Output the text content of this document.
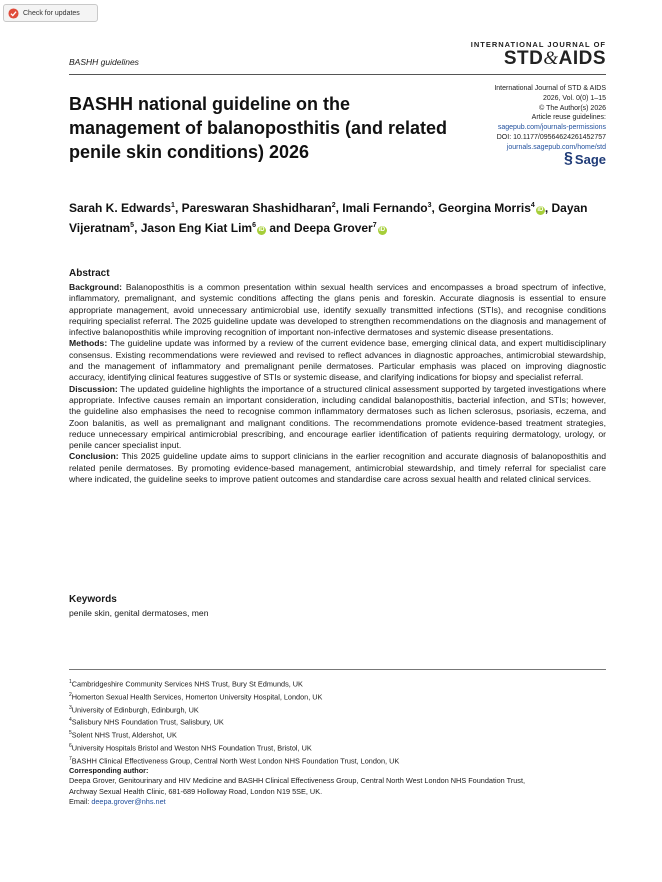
Check for updates
BASHH guidelines
INTERNATIONAL JOURNAL OF
STD&AIDS
BASHH national guideline on the management of balanoposthitis (and related penile skin conditions) 2026
International Journal of STD & AIDS
2026, Vol. 0(0) 1–15
© The Author(s) 2026
Article reuse guidelines:
sagepub.com/journals-permissions
DOI: 10.1177/09564624261452757
journals.sagepub.com/home/std
§ Sage

Sarah K. Edwards$^1$, Pareswaran Shashidharan$^2$, Imali Fernando$^3$, Georgina Morris$^4$iD , Dayan Vijeratnam$^5$, Jason Eng Kiat Lim$^6$iD and Deepa Grover$^7$iD

Abstract

Background: Balanoposthitis is a common presentation within sexual health services and encompasses a broad spectrum of infective, inflammatory, premalignant, and systemic conditions affecting the glans penis and foreskin. Accurate diagnosis is essential to ensure appropriate management, avoid unnecessary antimicrobial use, identify sexually transmitted infections (STIs), and recognise conditions requiring specialist referral. The 2025 guideline update was developed to strengthen recommendations on the diagnosis and management of infective balanoposthitis while improving recognition of important non-infective dermatoses and systemic disease presentations.

Methods: The guideline update was informed by a review of the current evidence base, emerging clinical data, and expert multidisciplinary consensus. Existing recommendations were reviewed and revised to reflect advances in diagnostic approaches, antimicrobial stewardship, and the management of inflammatory and premalignant penile dermatoses. Particular emphasis was placed on improving diagnostic accuracy, identifying clinical features suggestive of STIs or systemic disease, and clarifying indications for biopsy and specialist referral.

Discussion: The updated guideline highlights the importance of a structured clinical assessment supported by targeted investigations where appropriate. Infective causes remain an important consideration, including candidal balanoposthitis, bacterial infection, and STIs; however, the guideline also emphasises the need to recognise common inflammatory dermatoses such as lichen sclerosus, psoriasis, eczema, and Zoon balanitis, as well as premalignant and malignant conditions. The recommendations promote evidence-based treatment strategies, reduce unnecessary empirical antimicrobial prescribing, and encourage earlier identification of patients requiring dermatology, urology, or penile cancer specialist input.

Conclusion: This 2025 guideline update aims to support clinicians in the earlier recognition and accurate diagnosis of balanoposthitis and related penile dermatoses. By promoting evidence-based management, antimicrobial stewardship, and timely referral for specialist care where indicated, the guideline seeks to improve patient outcomes and standardise care across sexual health and related clinical services.

Keywords
penile skin, genital dermatoses, men
$^1$Cambridgeshire Community Services NHS Trust, Bury St Edmunds, UK
$^2$Homerton Sexual Health Services, Homerton University Hospital, London, UK
$^3$University of Edinburgh, Edinburgh, UK
$^4$Salisbury NHS Foundation Trust, Salisbury, UK
$^5$Solent NHS Trust, Aldershot, UK
$^6$University Hospitals Bristol and Weston NHS Foundation Trust, Bristol, UK
$^7$BASHH Clinical Effectiveness Group, Central North West London NHS Foundation Trust, London, UK
Corresponding author:

Deepa Grover, Genitourinary and HIV Medicine and BASHH Clinical Effectiveness Group, Central North West London NHS Foundation Trust,

Archway Sexual Health Clinic, 681-689 Holloway Road, London N19 5SE, UK.

Email: deepa.grover@nhs.net
